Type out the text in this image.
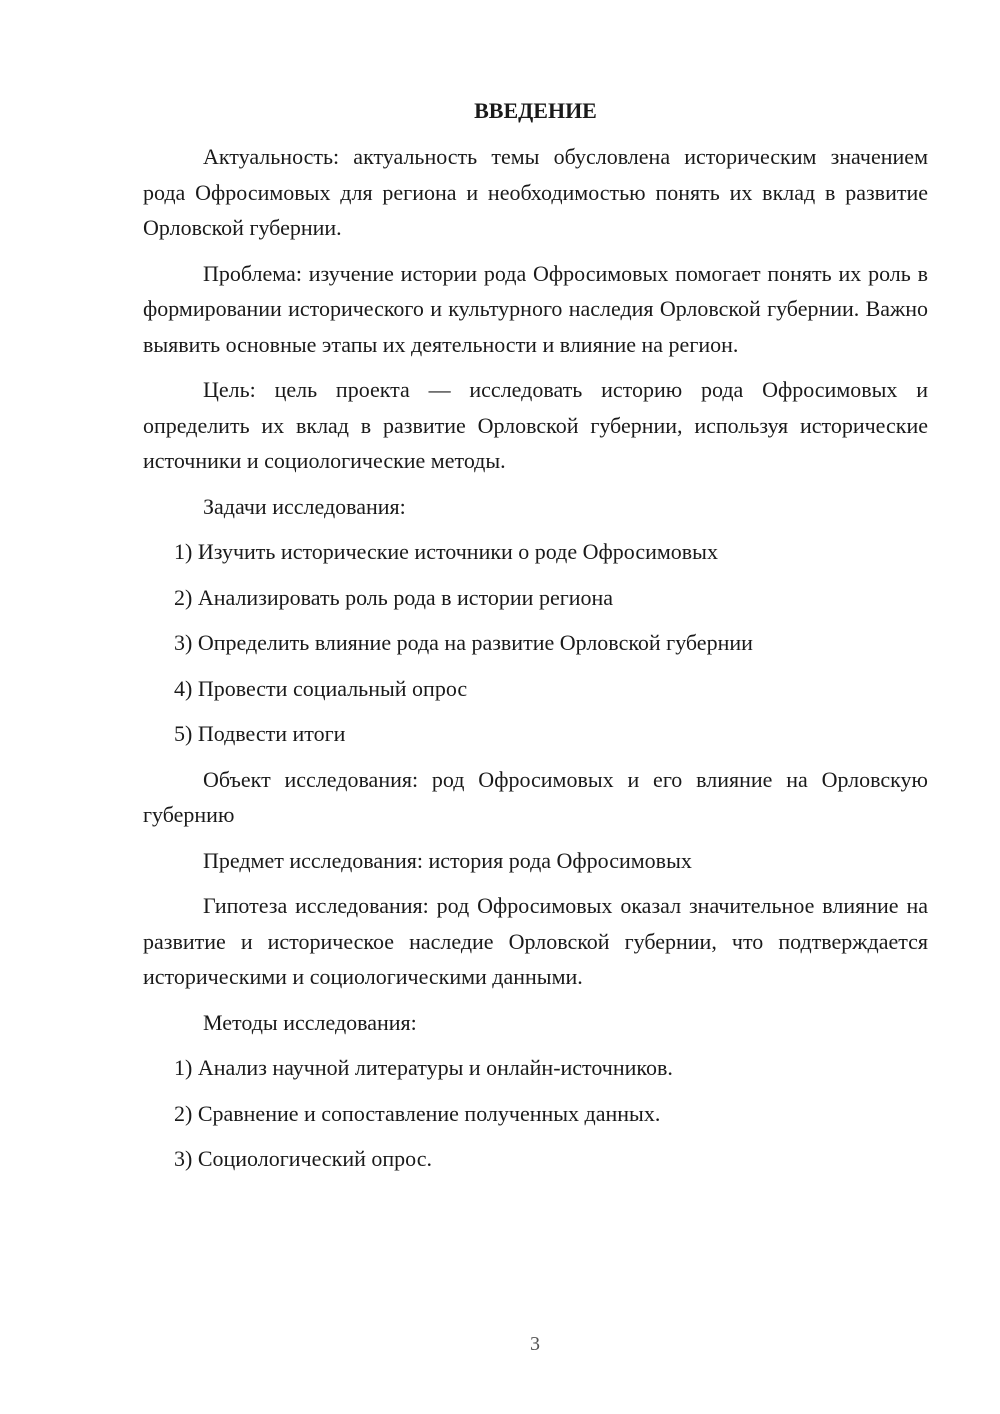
ВВЕДЕНИЕ

Актуальность: актуальность темы обусловлена историческим значением рода Офросимовых для региона и необходимостью понять их вклад в развитие Орловской губернии.

Проблема: изучение истории рода Офросимовых помогает понять их роль в формировании исторического и культурного наследия Орловской губернии. Важно выявить основные этапы их деятельности и влияние на регион.

Цель: цель проекта — исследовать историю рода Офросимовых и определить их вклад в развитие Орловской губернии, используя исторические источники и социологические методы.

Задачи исследования:

1) Изучить исторические источники о роде Офросимовых

2) Анализировать роль рода в истории региона

3) Определить влияние рода на развитие Орловской губернии

4) Провести социальный опрос

5) Подвести итоги

Объект исследования: род Офросимовых и его влияние на Орловскую губернию

Предмет исследования: история рода Офросимовых

Гипотеза исследования: род Офросимовых оказал значительное влияние на развитие и историческое наследие Орловской губернии, что подтверждается историческими и социологическими данными.

Методы исследования:

1) Анализ научной литературы и онлайн-источников.

2) Сравнение и сопоставление полученных данных.

3) Социологический опрос.

3
